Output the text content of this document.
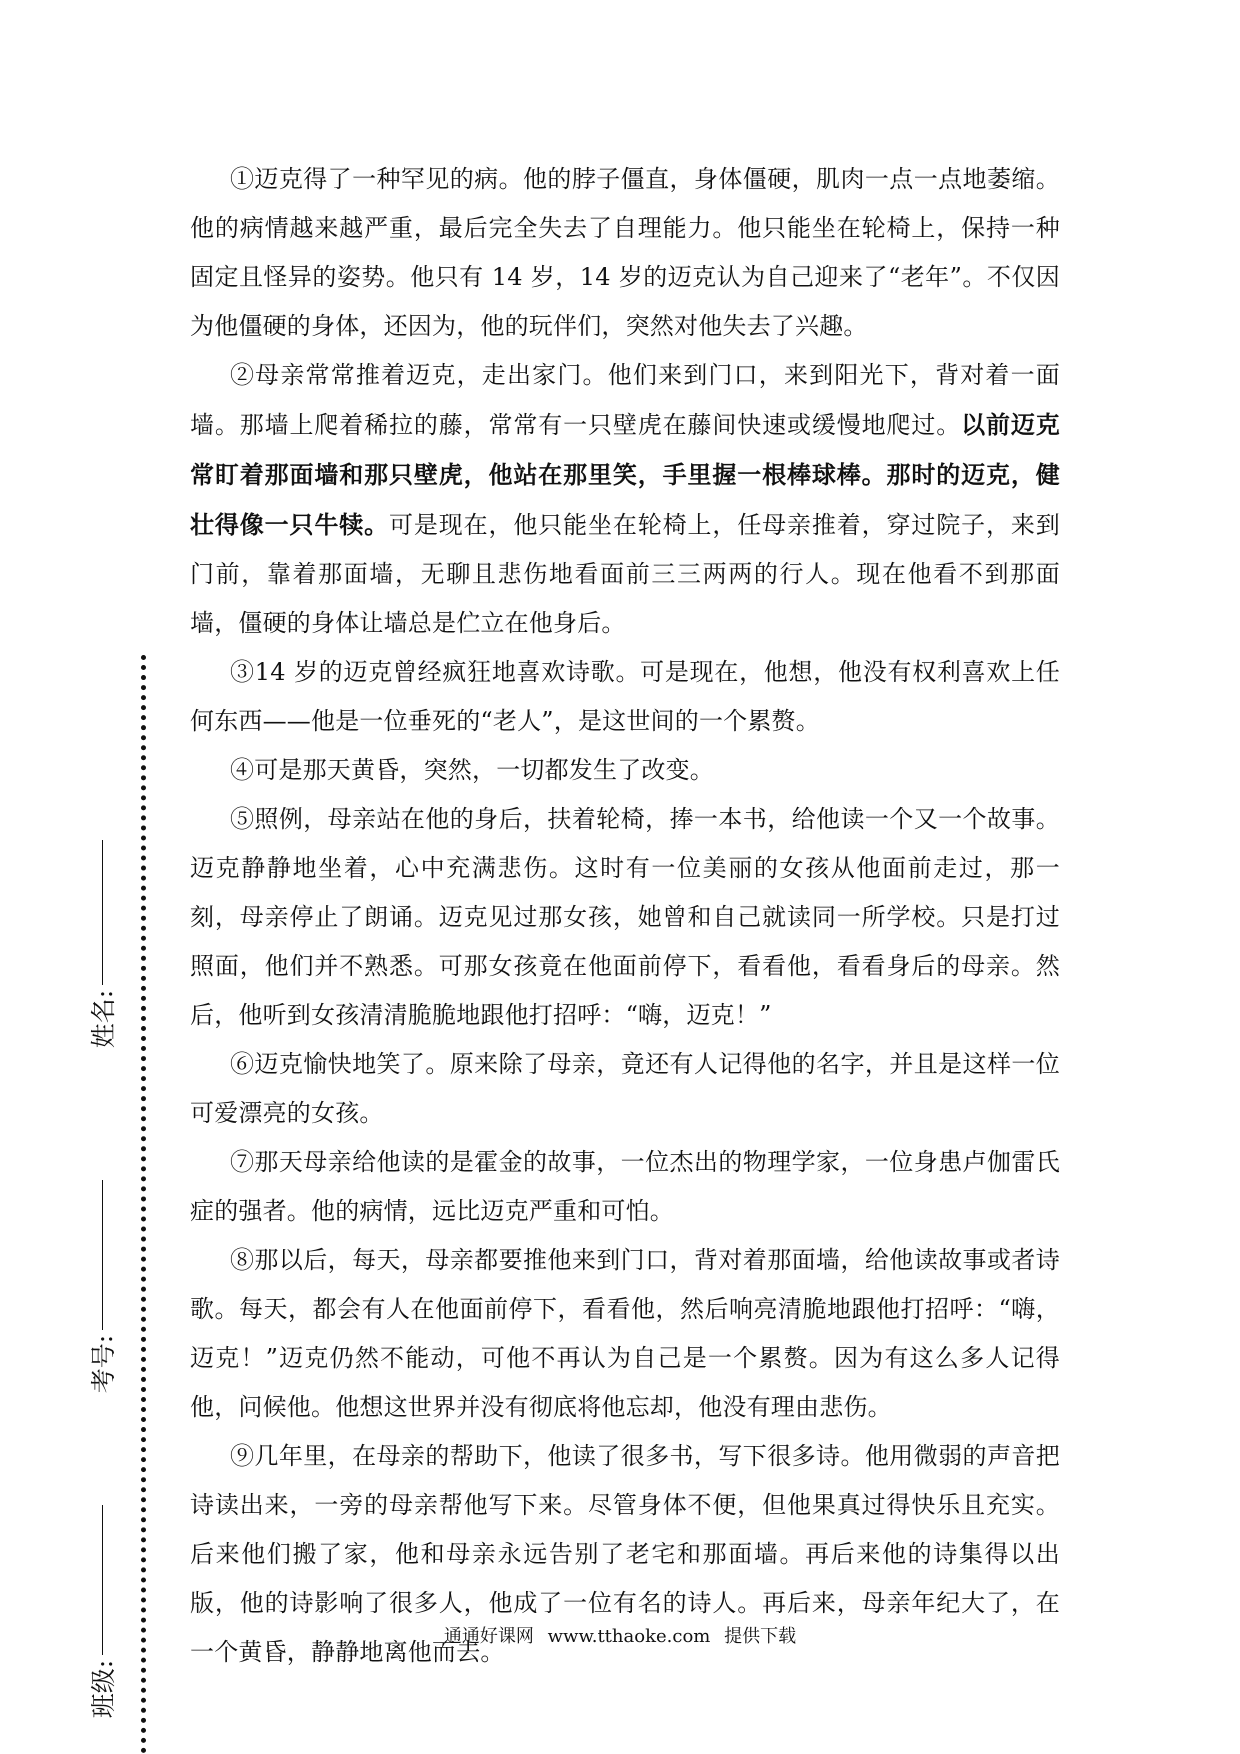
姓名:
考号:
班级:

①迈克得了一种罕见的病。他的脖子僵直，身体僵硬，肌肉一点一点地萎缩。他的病情越来越严重，最后完全失去了自理能力。他只能坐在轮椅上，保持一种固定且怪异的姿势。他只有 14 岁，14 岁的迈克认为自己迎来了“老年”。不仅因为他僵硬的身体，还因为，他的玩伴们，突然对他失去了兴趣。

②母亲常常推着迈克，走出家门。他们来到门口，来到阳光下，背对着一面墙。那墙上爬着稀拉的藤，常常有一只壁虎在藤间快速或缓慢地爬过。以前迈克常盯着那面墙和那只壁虎，他站在那里笑，手里握一根棒球棒。那时的迈克，健壮得像一只牛犊。可是现在，他只能坐在轮椅上，任母亲推着，穿过院子，来到门前，靠着那面墙，无聊且悲伤地看面前三三两两的行人。现在他看不到那面墙，僵硬的身体让墙总是伫立在他身后。

③14 岁的迈克曾经疯狂地喜欢诗歌。可是现在，他想，他没有权利喜欢上任何东西——他是一位垂死的“老人”，是这世间的一个累赘。

④可是那天黄昏，突然，一切都发生了改变。

⑤照例，母亲站在他的身后，扶着轮椅，捧一本书，给他读一个又一个故事。迈克静静地坐着，心中充满悲伤。这时有一位美丽的女孩从他面前走过，那一刻，母亲停止了朗诵。迈克见过那女孩，她曾和自己就读同一所学校。只是打过照面，他们并不熟悉。可那女孩竟在他面前停下，看看他，看看身后的母亲。然后，他听到女孩清清脆脆地跟他打招呼：“嗨，迈克！”

⑥迈克愉快地笑了。原来除了母亲，竟还有人记得他的名字，并且是这样一位可爱漂亮的女孩。

⑦那天母亲给他读的是霍金的故事，一位杰出的物理学家，一位身患卢伽雷氏症的强者。他的病情，远比迈克严重和可怕。

⑧那以后，每天，母亲都要推他来到门口，背对着那面墙，给他读故事或者诗歌。每天，都会有人在他面前停下，看看他，然后响亮清脆地跟他打招呼：“嗨，迈克！”迈克仍然不能动，可他不再认为自己是一个累赘。因为有这么多人记得他，问候他。他想这世界并没有彻底将他忘却，他没有理由悲伤。

⑨几年里，在母亲的帮助下，他读了很多书，写下很多诗。他用微弱的声音把诗读出来，一旁的母亲帮他写下来。尽管身体不便，但他果真过得快乐且充实。后来他们搬了家，他和母亲永远告别了老宅和那面墙。再后来他的诗集得以出版，他的诗影响了很多人，他成了一位有名的诗人。再后来，母亲年纪大了，在一个黄昏，静静地离他而去。

通通好课网 www.tthaoke.com 提供下载
